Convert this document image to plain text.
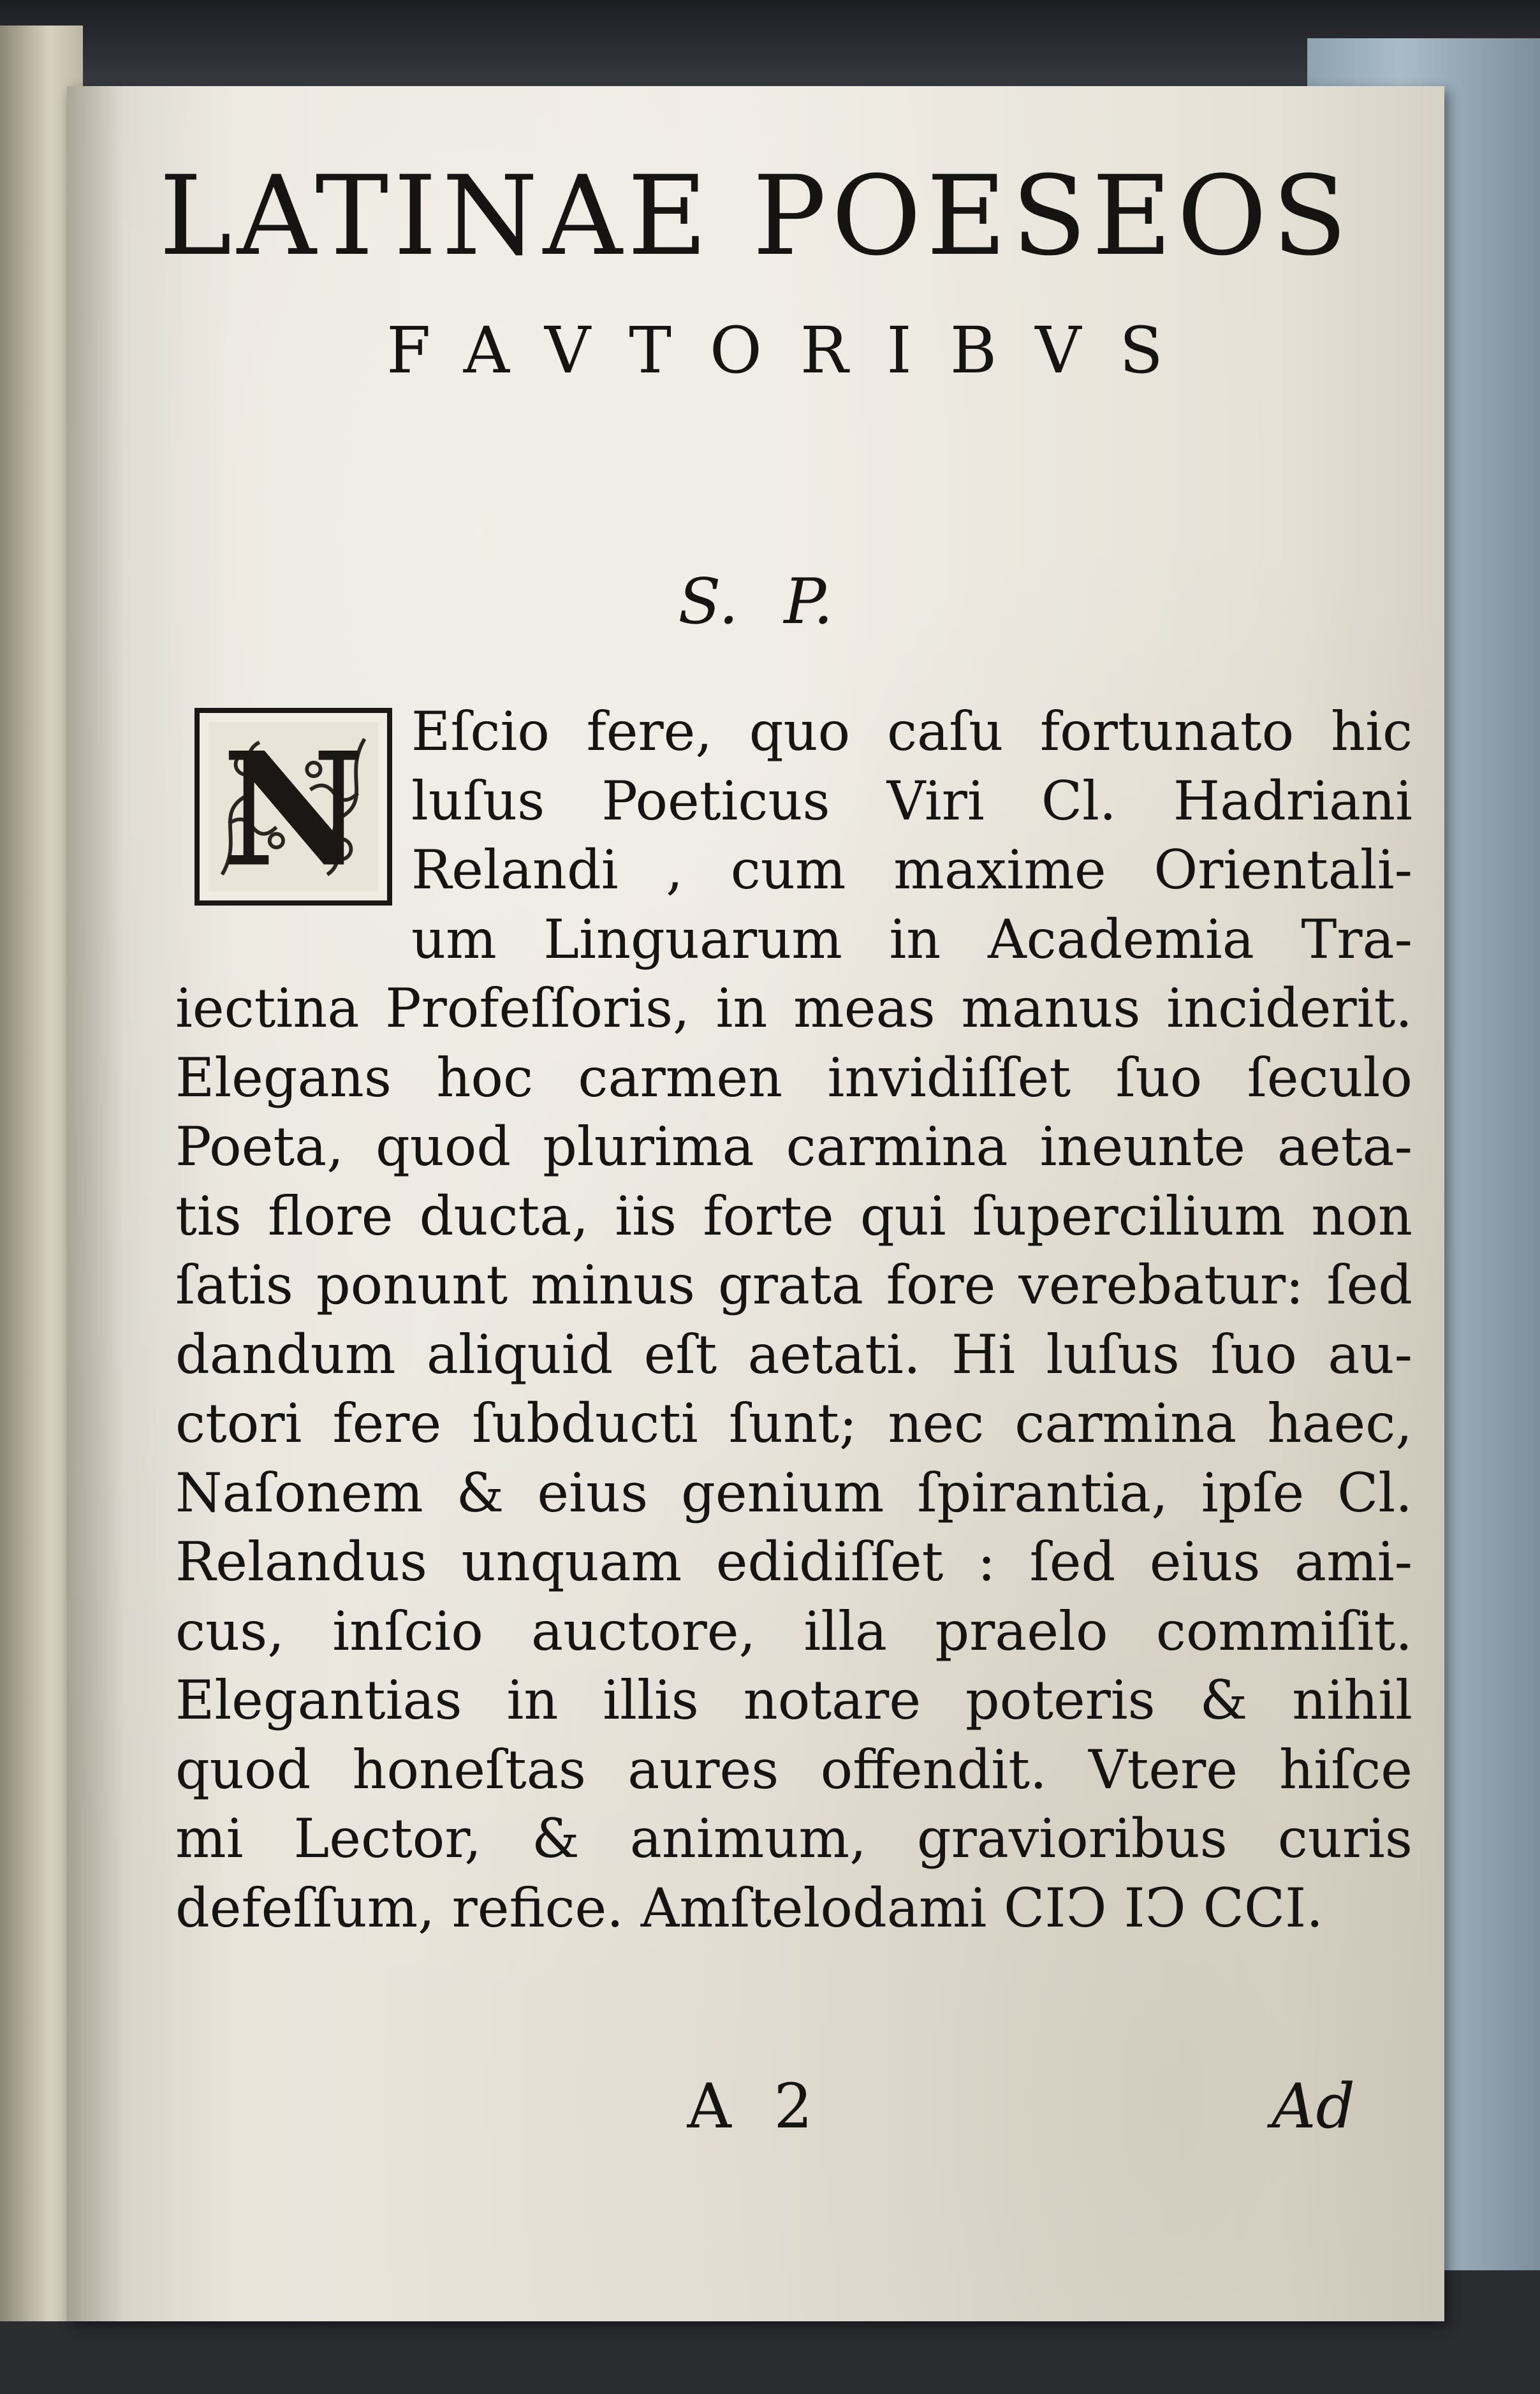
LATINAE POESEOS
FAVTORIBVS
S. P.
N Eſcio fere, quo caſu fortunato hic
luſus Poeticus Viri Cl. Hadriani
Relandi , cum maxime Orientali-
um Linguarum in Academia Tra-
iectina Profeſſoris, in meas manus inciderit.
Elegans hoc carmen invidiſſet ſuo ſeculo
Poeta, quod plurima carmina ineunte aeta-
tis flore ducta, iis forte qui ſupercilium non
ſatis ponunt minus grata fore verebatur: ſed
dandum aliquid eſt aetati. Hi luſus ſuo au-
ctori fere ſubducti ſunt; nec carmina haec,
Naſonem & eius genium ſpirantia, ipſe Cl.
Relandus unquam edidiſſet : ſed eius ami-
cus, inſcio auctore, illa praelo commiſit.
Elegantias in illis notare poteris & nihil
quod honeſtas aures offendit. Vtere hiſce
mi Lector, & animum, gravioribus curis
defeſſum, refice. Amſtelodami CIↃ IↃ CCI.
A 2	Ad
